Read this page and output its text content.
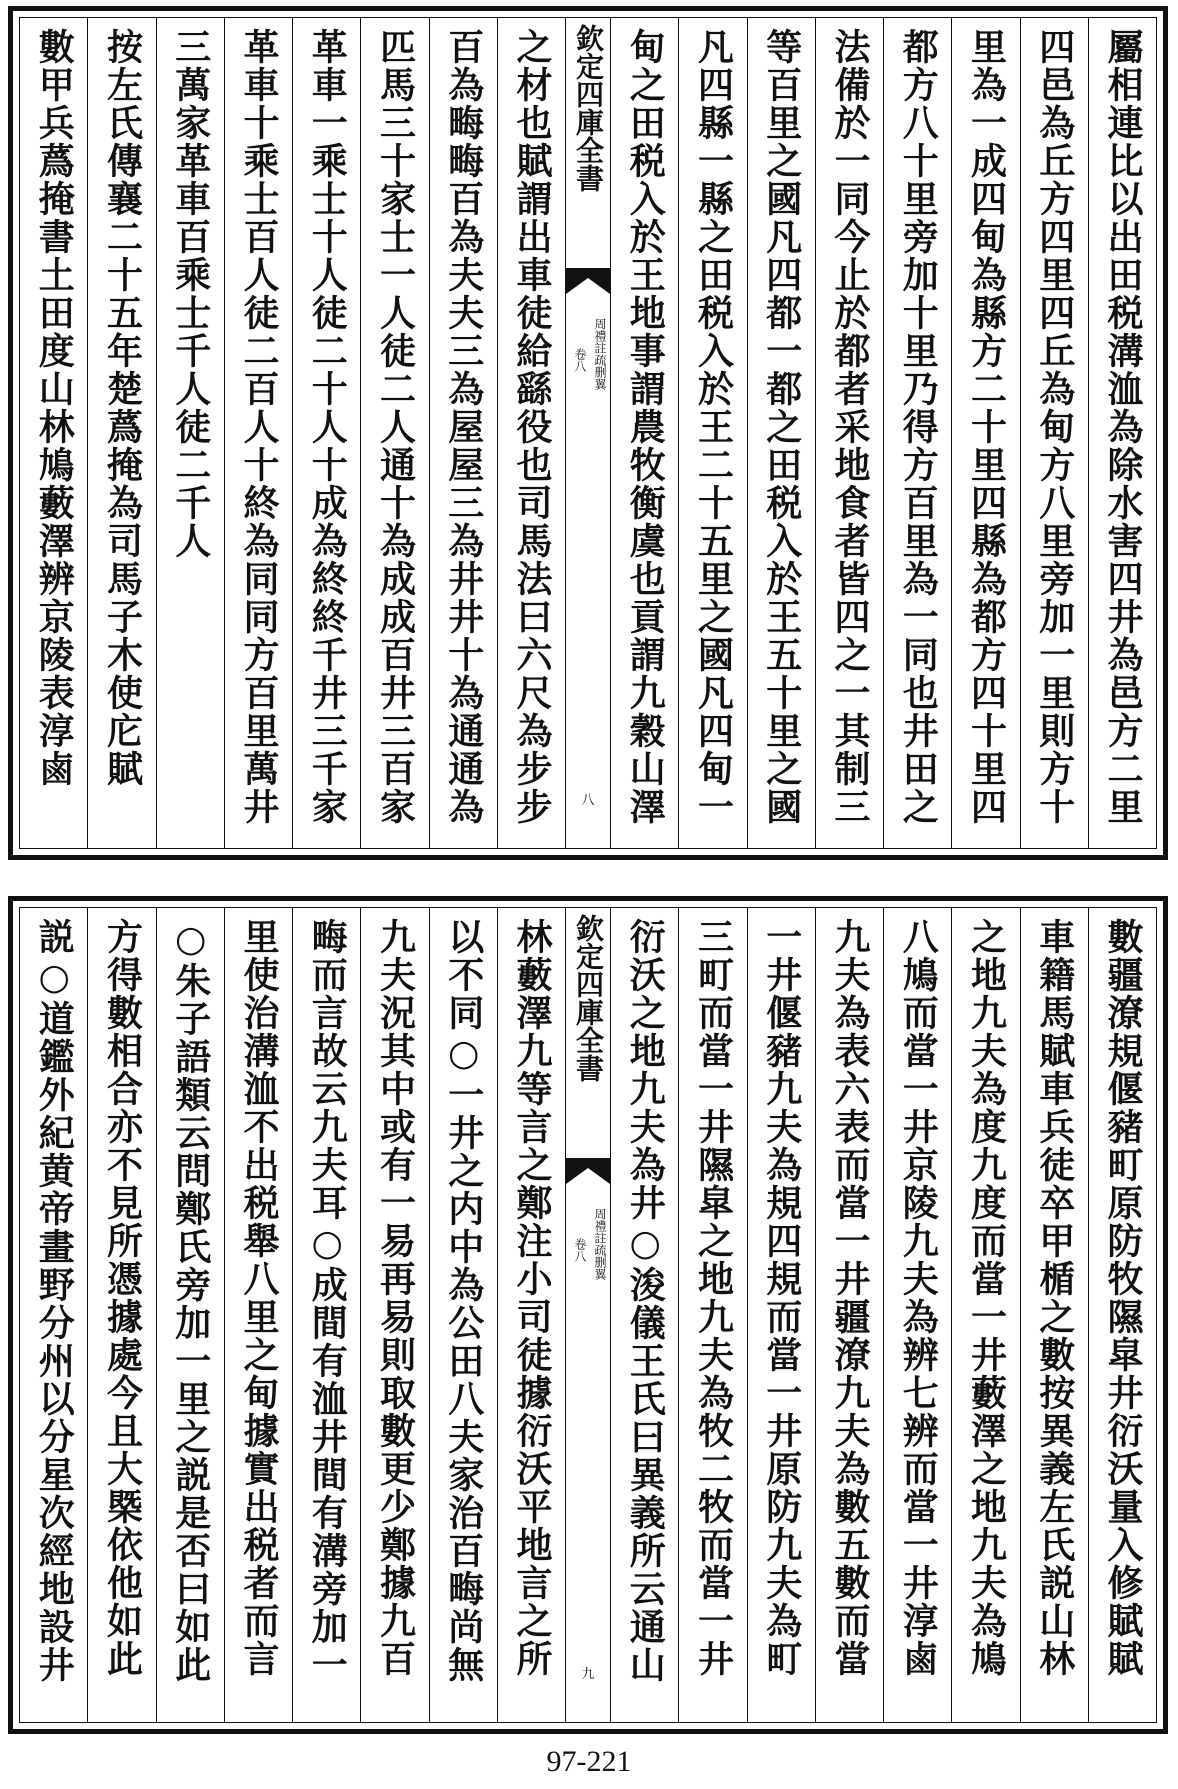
屬相連比以出田税溝洫為除水害四井為邑方二里
四邑為丘方四里四丘為甸方八里旁加一里則方十
里為一成四甸為縣方二十里四縣為都方四十里四
都方八十里旁加十里乃得方百里為一同也井田之
法備於一同今止於都者采地食者皆四之一其制三
等百里之國凡四都一都之田税入於王五十里之國
凡四縣一縣之田税入於王二十五里之國凡四甸一
甸之田税入於王地事謂農牧衡虞也貢謂九穀山澤
欽定四庫全書
周禮註疏删翼
卷八
八
之材也賦謂出車徒給繇役也司馬法曰六尺為步步
百為畮畮百為夫夫三為屋屋三為井井十為通通為
匹馬三十家士一人徒二人通十為成成百井三百家
革車一乘士十人徒二十人十成為終終千井三千家
革車十乘士百人徒二百人十終為同同方百里萬井
三萬家革車百乘士千人徒二千人
按左氏傳襄二十五年楚蔿掩為司馬子木使庀賦
數甲兵蔿掩書土田度山林鳩藪澤辨京陵表淳鹵
數疆潦規偃豬町原防牧隰皐井衍沃量入修賦賦
車籍馬賦車兵徒卒甲楯之數按異義左氏説山林
之地九夫為度九度而當一井藪澤之地九夫為鳩
八鳩而當一井京陵九夫為辨七辨而當一井淳鹵
九夫為表六表而當一井疆潦九夫為數五數而當
一井偃豬九夫為規四規而當一井原防九夫為町
三町而當一井隰皐之地九夫為牧二牧而當一井
衍沃之地九夫為井○浚儀王氏曰異義所云通山
欽定四庫全書
周禮註疏删翼
卷八
九
林藪澤九等言之鄭注小司徒據衍沃平地言之所
以不同○一井之内中為公田八夫家治百畮尚無
九夫況其中或有一易再易則取數更少鄭據九百
畮而言故云九夫耳○成間有洫井間有溝旁加一
里使治溝洫不出税舉八里之甸據實出税者而言
○朱子語類云問鄭氏旁加一里之説是否曰如此
方得數相合亦不見所憑據處今且大槩依他如此
説○道鑑外紀黄帝畫野分州以分星次經地設井
97-221
